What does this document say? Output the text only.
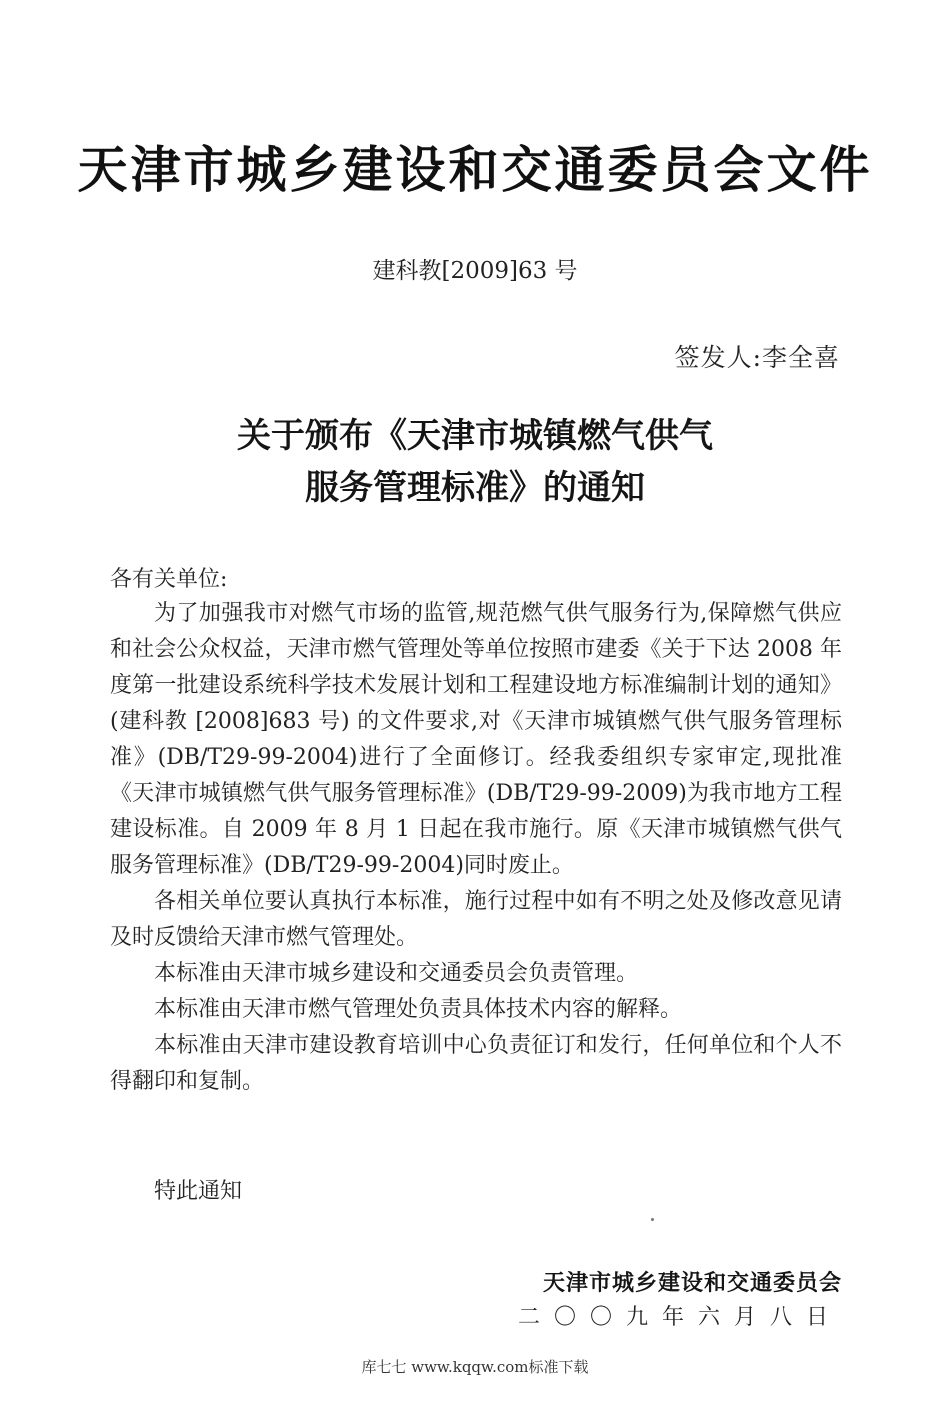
天津市城乡建设和交通委员会文件
建科教[2009]63 号
签发人:李全喜
关于颁布《天津市城镇燃气供气
服务管理标准》的通知
各有关单位:

为了加强我市对燃气市场的监管,规范燃气供气服务行为,保障燃气供应和社会公众权益，天津市燃气管理处等单位按照市建委《关于下达 2008 年度第一批建设系统科学技术发展计划和工程建设地方标准编制计划的通知》(建科教 [2008]683 号) 的文件要求,对《天津市城镇燃气供气服务管理标准》(DB/T29-99-2004)进行了全面修订。经我委组织专家审定,现批准《天津市城镇燃气供气服务管理标准》(DB/T29-99-2009)为我市地方工程建设标准。自 2009 年 8 月 1 日起在我市施行。原《天津市城镇燃气供气服务管理标准》(DB/T29-99-2004)同时废止。

各相关单位要认真执行本标准，施行过程中如有不明之处及修改意见请及时反馈给天津市燃气管理处。

本标准由天津市城乡建设和交通委员会负责管理。

本标准由天津市燃气管理处负责具体技术内容的解释。

本标准由天津市建设教育培训中心负责征订和发行，任何单位和个人不得翻印和复制。

特此通知
天津市城乡建设和交通委员会
二〇〇九年六月八日
库七七 www.kqqw.com标准下载
